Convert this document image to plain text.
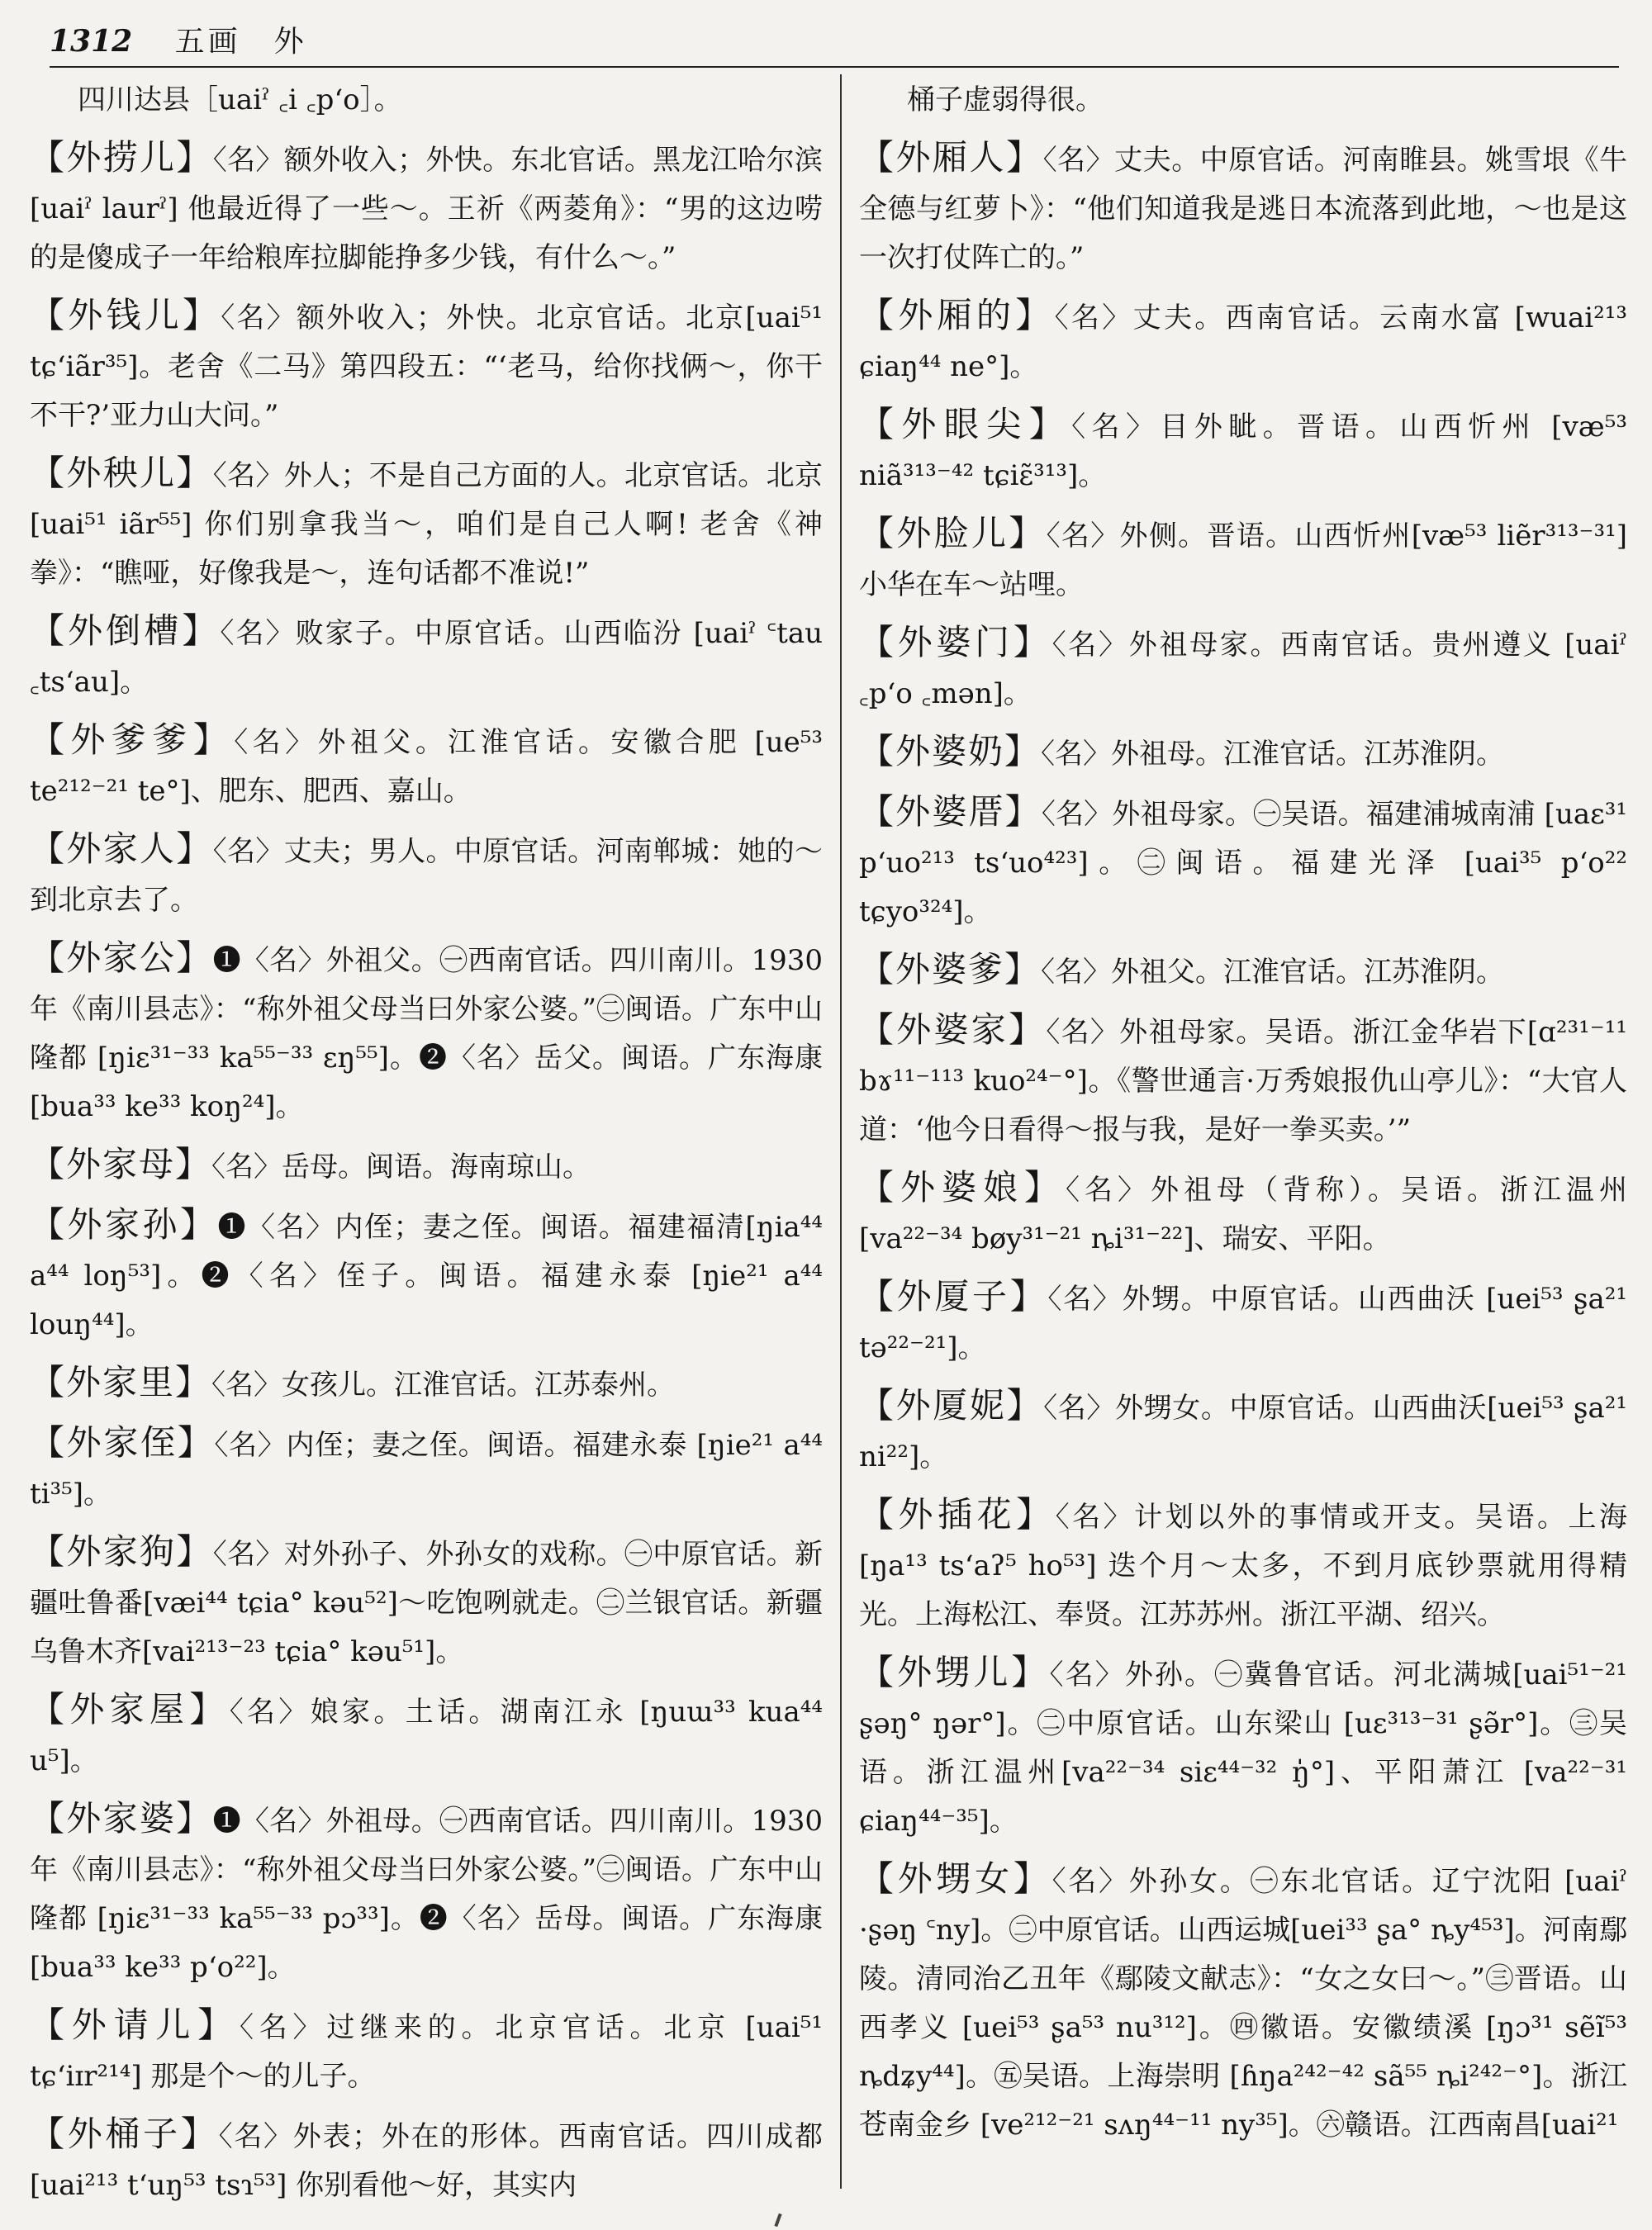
1312 五画　外
四川达县［uaiˀ ꜀i ꜀pʻo］。
【外捞儿】〈名〉额外收入；外快。东北官话。黑龙江哈尔滨[uaiˀ laurˀ] 他最近得了一些～。王祈《两菱角》：“男的这边唠的是傻成子一年给粮库拉脚能挣多少钱，有什么～。”
【外钱儿】〈名〉额外收入；外快。北京官话。北京[uai⁵¹ tɕʻiãr³⁵]。老舍《二马》第四段五：“‘老马，给你找俩～，你干不干?’亚力山大问。”
【外秧儿】〈名〉外人；不是自己方面的人。北京官话。北京 [uai⁵¹ iãr⁵⁵] 你们别拿我当～，咱们是自己人啊! 老舍《神拳》：“瞧哑，好像我是～，连句话都不准说!”
【外倒槽】〈名〉败家子。中原官话。山西临汾 [uaiˀ ꜂tau ꜀tsʻau]。
【外爹爹】〈名〉外祖父。江淮官话。安徽合肥 [ue⁵³ te²¹²⁻²¹ te°]、肥东、肥西、嘉山。
【外家人】〈名〉丈夫；男人。中原官话。河南郸城：她的～到北京去了。
【外家公】❶〈名〉外祖父。㊀西南官话。四川南川。1930年《南川县志》：“称外祖父母当曰外家公婆。”㊁闽语。广东中山隆都 [ŋiɛ³¹⁻³³ ka⁵⁵⁻³³ ɛŋ⁵⁵]。❷〈名〉岳父。闽语。广东海康 [bua³³ ke³³ koŋ²⁴]。
【外家母】〈名〉岳母。闽语。海南琼山。
【外家孙】❶〈名〉内侄；妻之侄。闽语。福建福清[ŋia⁴⁴ a⁴⁴ loŋ⁵³]。❷〈名〉侄子。闽语。福建永泰 [ŋie²¹ a⁴⁴ louŋ⁴⁴]。
【外家里】〈名〉女孩儿。江淮官话。江苏泰州。
【外家侄】〈名〉内侄；妻之侄。闽语。福建永泰 [ŋie²¹ a⁴⁴ ti³⁵]。
【外家狗】〈名〉对外孙子、外孙女的戏称。㊀中原官话。新疆吐鲁番[væi⁴⁴ tɕia° kəu⁵²]～吃饱咧就走。㊁兰银官话。新疆乌鲁木齐[vai²¹³⁻²³ tɕia° kəu⁵¹]。
【外家屋】〈名〉娘家。土话。湖南江永 [ŋuɯ³³ kua⁴⁴ u⁵]。
【外家婆】❶〈名〉外祖母。㊀西南官话。四川南川。1930年《南川县志》：“称外祖父母当曰外家公婆。”㊁闽语。广东中山隆都 [ŋiɛ³¹⁻³³ ka⁵⁵⁻³³ pɔ³³]。❷〈名〉岳母。闽语。广东海康 [bua³³ ke³³ pʻo²²]。
【外请儿】〈名〉过继来的。北京官话。北京 [uai⁵¹ tɕʻiɪr²¹⁴] 那是个～的儿子。
【外桶子】〈名〉外表；外在的形体。西南官话。四川成都 [uai²¹³ tʻuŋ⁵³ tsɿ⁵³] 你别看他～好，其实内
桶子虚弱得很。
【外厢人】〈名〉丈夫。中原官话。河南睢县。姚雪垠《牛全德与红萝卜》：“他们知道我是逃日本流落到此地，～也是这一次打仗阵亡的。”
【外厢的】〈名〉丈夫。西南官话。云南水富 [wuai²¹³ ɕiaŋ⁴⁴ ne°]。
【外眼尖】〈名〉目外眦。晋语。山西忻州 [væ⁵³ niã³¹³⁻⁴² tɕiɛ̃³¹³]。
【外脸儿】〈名〉外侧。晋语。山西忻州[væ⁵³ liẽr³¹³⁻³¹] 小华在车～站哩。
【外婆门】〈名〉外祖母家。西南官话。贵州遵义 [uaiˀ ꜀pʻo ꜀mən]。
【外婆奶】〈名〉外祖母。江淮官话。江苏淮阴。
【外婆厝】〈名〉外祖母家。㊀吴语。福建浦城南浦 [uaɛ³¹ pʻuo²¹³ tsʻuo⁴²³]。㊁闽语。福建光泽 [uai³⁵ pʻo²² tɕyo³²⁴]。
【外婆爹】〈名〉外祖父。江淮官话。江苏淮阴。
【外婆家】〈名〉外祖母家。吴语。浙江金华岩下[ɑ²³¹⁻¹¹ bɤ¹¹⁻¹¹³ kuo²⁴⁻°]。《警世通言·万秀娘报仇山亭儿》：“大官人道：‘他今日看得～报与我，是好一拳买卖。’”
【外婆娘】〈名〉外祖母（背称）。吴语。浙江温州 [va²²⁻³⁴ bøy³¹⁻²¹ ȵi³¹⁻²²]、瑞安、平阳。
【外厦子】〈名〉外甥。中原官话。山西曲沃 [uei⁵³ ʂa²¹ tə²²⁻²¹]。
【外厦妮】〈名〉外甥女。中原官话。山西曲沃[uei⁵³ ʂa²¹ ni²²]。
【外插花】〈名〉计划以外的事情或开支。吴语。上海 [ŋa¹³ tsʻaʔ⁵ ho⁵³] 迭个月～太多，不到月底钞票就用得精光。上海松江、奉贤。江苏苏州。浙江平湖、绍兴。
【外甥儿】〈名〉外孙。㊀冀鲁官话。河北满城[uai⁵¹⁻²¹ ʂəŋ° ŋər°]。㊁中原官话。山东梁山 [uɛ³¹³⁻³¹ ʂə̃r°]。㊂吴语。浙江温州[va²²⁻³⁴ siɛ⁴⁴⁻³² ŋ̍°]、平阳萧江 [va²²⁻³¹ ɕiaŋ⁴⁴⁻³⁵]。
【外甥女】〈名〉外孙女。㊀东北官话。辽宁沈阳 [uaiˀ ·ʂəŋ ꜂ny]。㊁中原官话。山西运城[uei³³ ʂa° ȵy⁴⁵³]。河南鄢陵。清同治乙丑年《鄢陵文献志》：“女之女曰～。”㊂晋语。山西孝义 [uei⁵³ ʂa⁵³ nu³¹²]。㊃徽语。安徽绩溪 [ŋɔ³¹ sẽĩ⁵³ ȵdʑy⁴⁴]。㊄吴语。上海崇明 [ɦŋa²⁴²⁻⁴² sã⁵⁵ ȵi²⁴²⁻°]。浙江苍南金乡 [ve²¹²⁻²¹ sʌŋ⁴⁴⁻¹¹ ny³⁵]。㊅赣语。江西南昌[uai²¹
